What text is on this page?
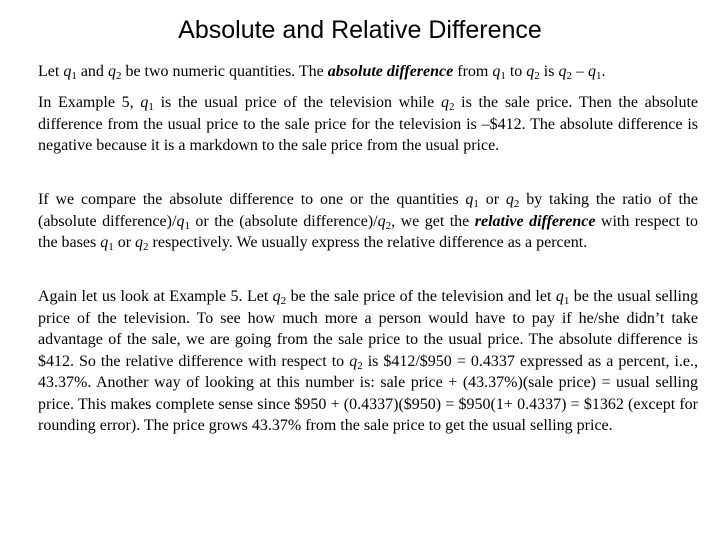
Absolute and Relative Difference

Let $q_1$ and $q_2$ be two numeric quantities. The absolute difference from $q_1$ to $q_2$ is $q_2 - q_1$.

In Example 5, $q_1$ is the usual price of the television while $q_2$ is the sale price. Then the absolute difference from the usual price to the sale price for the television is –$412. The absolute difference is negative because it is a markdown to the sale price from the usual price.

If we compare the absolute difference to one or the quantities $q_1$ or $q_2$ by taking the ratio of the (absolute $difference)/q_1$ or the (absolute $difference)/q_2$, we get the relative difference with respect to the bases $q_1$ or $q_2$ respectively. We usually express the relative difference as a percent.

Again let us look at Example 5. Let $q_2$ be the sale price of the television and let $q_1$ be the usual selling price of the television. To see how much more a person would have to pay if he/she didn’t take advantage of the sale, we are going from the sale price to the usual price. The absolute difference is $412. So the relative difference with respect to $q_2$ is $412/$950 = 0.4337 expressed as a percent, i.e., 43.37%. Another way of looking at this number is: sale price + (43.37%)(sale price) = usual selling price. This makes complete sense since $950 + (0.4337)($950) = $950(1+ 0.4337) = $1362 (except for rounding error). The price grows 43.37% from the sale price to get the usual selling price.
